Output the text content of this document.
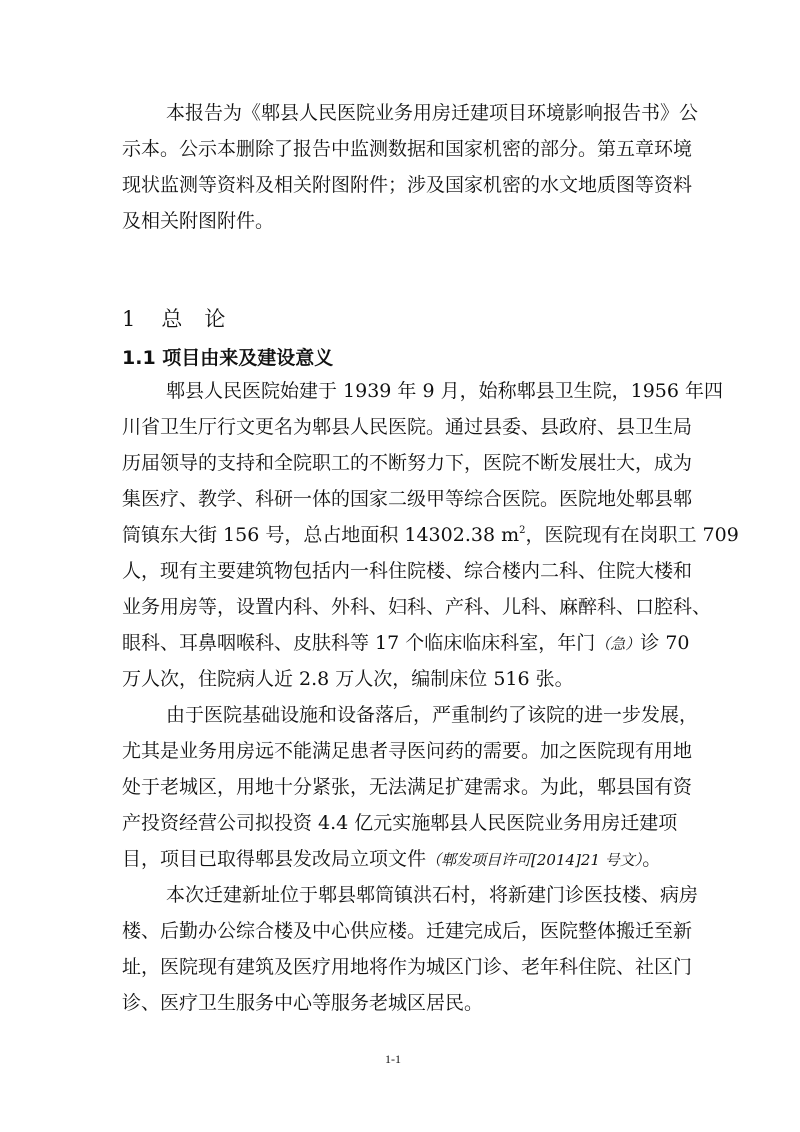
本报告为《郫县人民医院业务用房迁建项目环境影响报告书》公
示本。公示本删除了报告中监测数据和国家机密的部分。第五章环境
现状监测等资料及相关附图附件；涉及国家机密的水文地质图等资料
及相关附图附件。
1 总 论
1.1 项目由来及建设意义
郫县人民医院始建于 1939 年 9 月，始称郫县卫生院，1956 年四
川省卫生厅行文更名为郫县人民医院。通过县委、县政府、县卫生局
历届领导的支持和全院职工的不断努力下，医院不断发展壮大，成为
集医疗、教学、科研一体的国家二级甲等综合医院。医院地处郫县郫
筒镇东大街 156 号，总占地面积 14302.38 $m^2$，医院现有在岗职工 709
人，现有主要建筑物包括内一科住院楼、综合楼内二科、住院大楼和
业务用房等，设置内科、外科、妇科、产科、儿科、麻醉科、口腔科、
眼科、耳鼻咽喉科、皮肤科等 17 个临床临床科室，年门（急）诊 70
万人次，住院病人近 2.8 万人次，编制床位 516 张。
由于医院基础设施和设备落后，严重制约了该院的进一步发展，
尤其是业务用房远不能满足患者寻医问药的需要。加之医院现有用地
处于老城区，用地十分紧张，无法满足扩建需求。为此，郫县国有资
产投资经营公司拟投资 4.4 亿元实施郫县人民医院业务用房迁建项
目，项目已取得郫县发改局立项文件（郫发项目许可[2014]21 号文）。
本次迁建新址位于郫县郫筒镇洪石村，将新建门诊医技楼、病房
楼、后勤办公综合楼及中心供应楼。迁建完成后，医院整体搬迁至新
址，医院现有建筑及医疗用地将作为城区门诊、老年科住院、社区门
诊、医疗卫生服务中心等服务老城区居民。
1-1
